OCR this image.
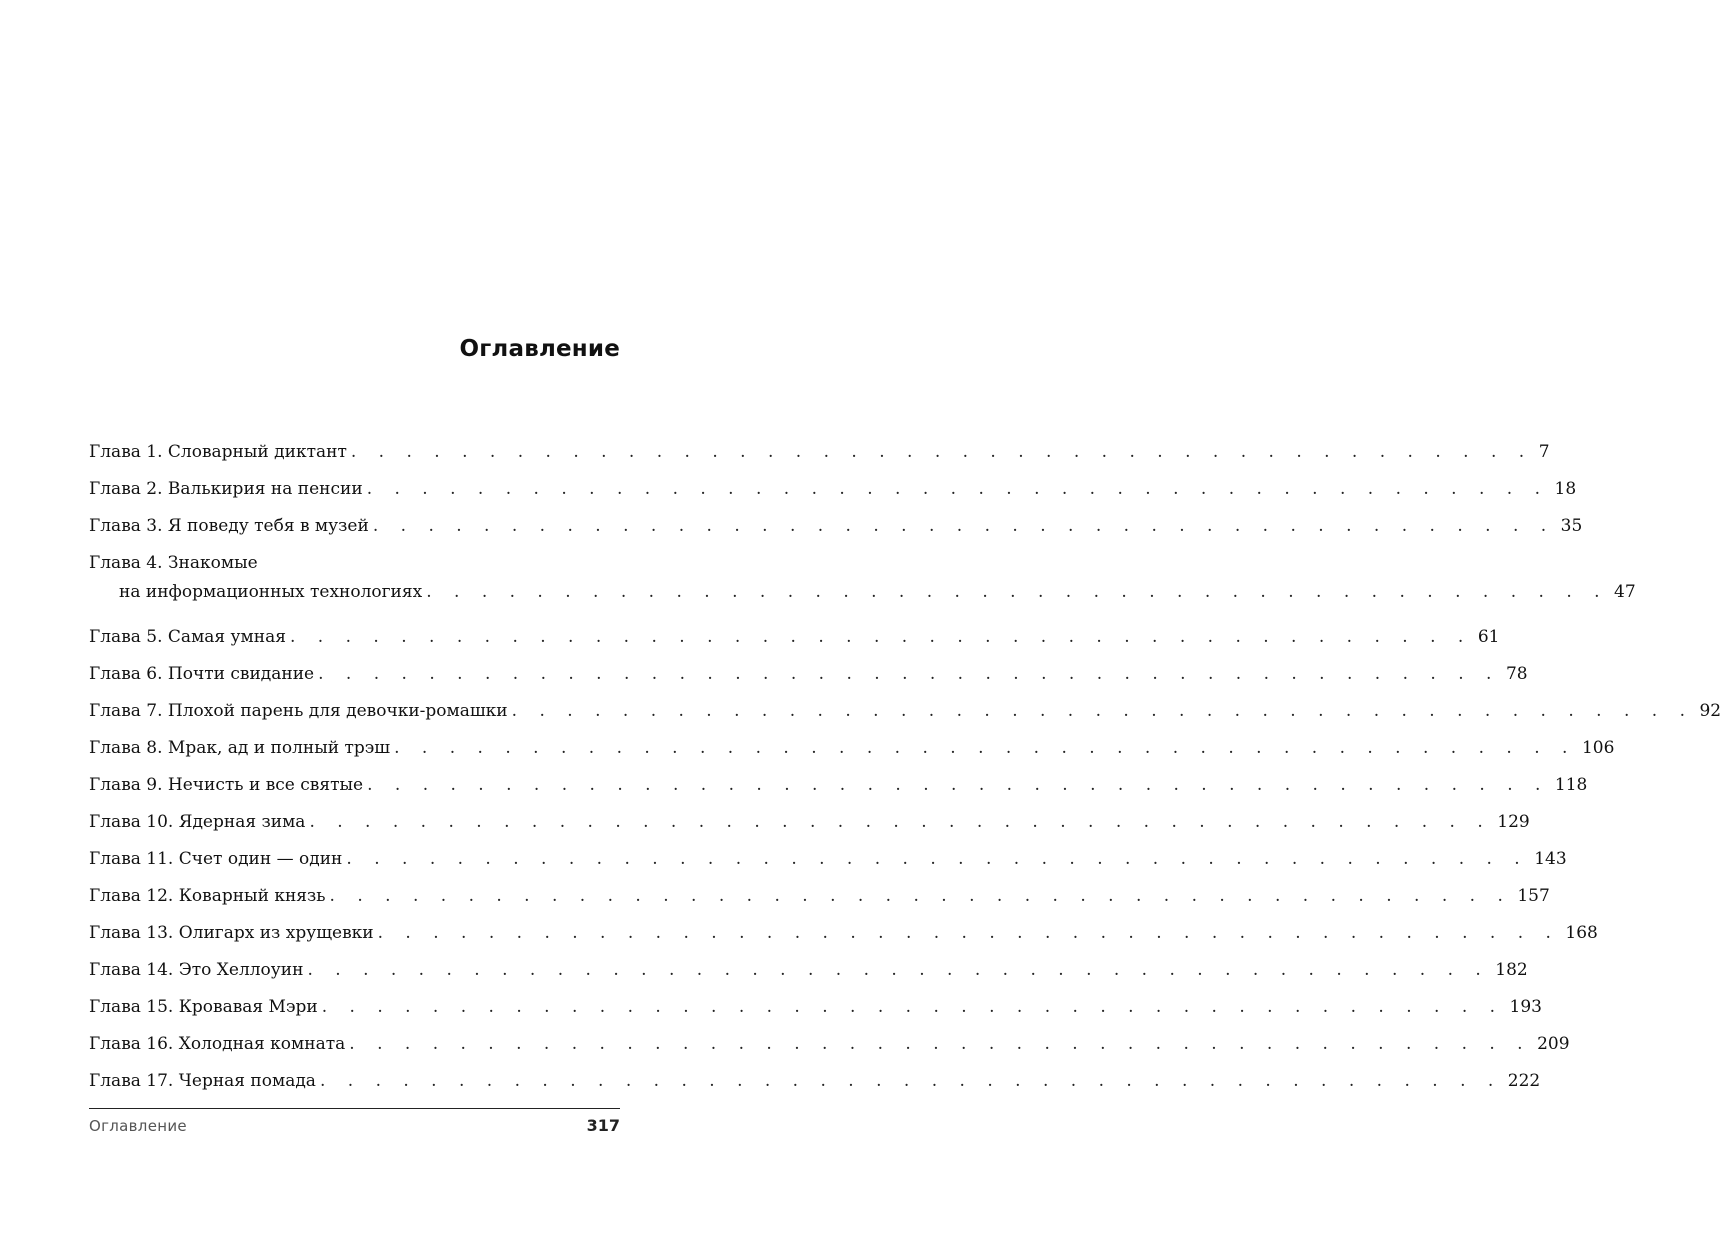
Оглавление
Глава 1. Словарный диктант . . . . . . . . . . . . . . . . . . . . . . . . . . . . . . . . . . . . . . . . . . . 7
Глава 2. Валькирия на пенсии . . . . . . . . . . . . . . . . . . . . . . . . . . . . . . . . . . . . . . . . . . . 18
Глава 3. Я поведу тебя в музей . . . . . . . . . . . . . . . . . . . . . . . . . . . . . . . . . . . . . . . . . . . 35
Глава 4. Знакомые
на информационных технологиях . . . . . . . . . . . . . . . . . . . . . . . . . . . . . . . . . . . . . . . . . . . 47
Глава 5. Самая умная . . . . . . . . . . . . . . . . . . . . . . . . . . . . . . . . . . . . . . . . . . . 61
Глава 6. Почти свидание . . . . . . . . . . . . . . . . . . . . . . . . . . . . . . . . . . . . . . . . . . . 78
Глава 7. Плохой парень для девочки-ромашки . . . . . . . . . . . . . . . . . . . . . . . . . . . . . . . . . . . . . . . . . . . 92
Глава 8. Мрак, ад и полный трэш . . . . . . . . . . . . . . . . . . . . . . . . . . . . . . . . . . . . . . . . . . . 106
Глава 9. Нечисть и все святые . . . . . . . . . . . . . . . . . . . . . . . . . . . . . . . . . . . . . . . . . . . 118
Глава 10. Ядерная зима . . . . . . . . . . . . . . . . . . . . . . . . . . . . . . . . . . . . . . . . . . . 129
Глава 11. Счет один — один . . . . . . . . . . . . . . . . . . . . . . . . . . . . . . . . . . . . . . . . . . . 143
Глава 12. Коварный князь . . . . . . . . . . . . . . . . . . . . . . . . . . . . . . . . . . . . . . . . . . . 157
Глава 13. Олигарх из хрущевки . . . . . . . . . . . . . . . . . . . . . . . . . . . . . . . . . . . . . . . . . . . 168
Глава 14. Это Хеллоуин . . . . . . . . . . . . . . . . . . . . . . . . . . . . . . . . . . . . . . . . . . . 182
Глава 15. Кровавая Мэри . . . . . . . . . . . . . . . . . . . . . . . . . . . . . . . . . . . . . . . . . . . 193
Глава 16. Холодная комната . . . . . . . . . . . . . . . . . . . . . . . . . . . . . . . . . . . . . . . . . . . 209
Глава 17. Черная помада . . . . . . . . . . . . . . . . . . . . . . . . . . . . . . . . . . . . . . . . . . . 222
Оглавление	317
